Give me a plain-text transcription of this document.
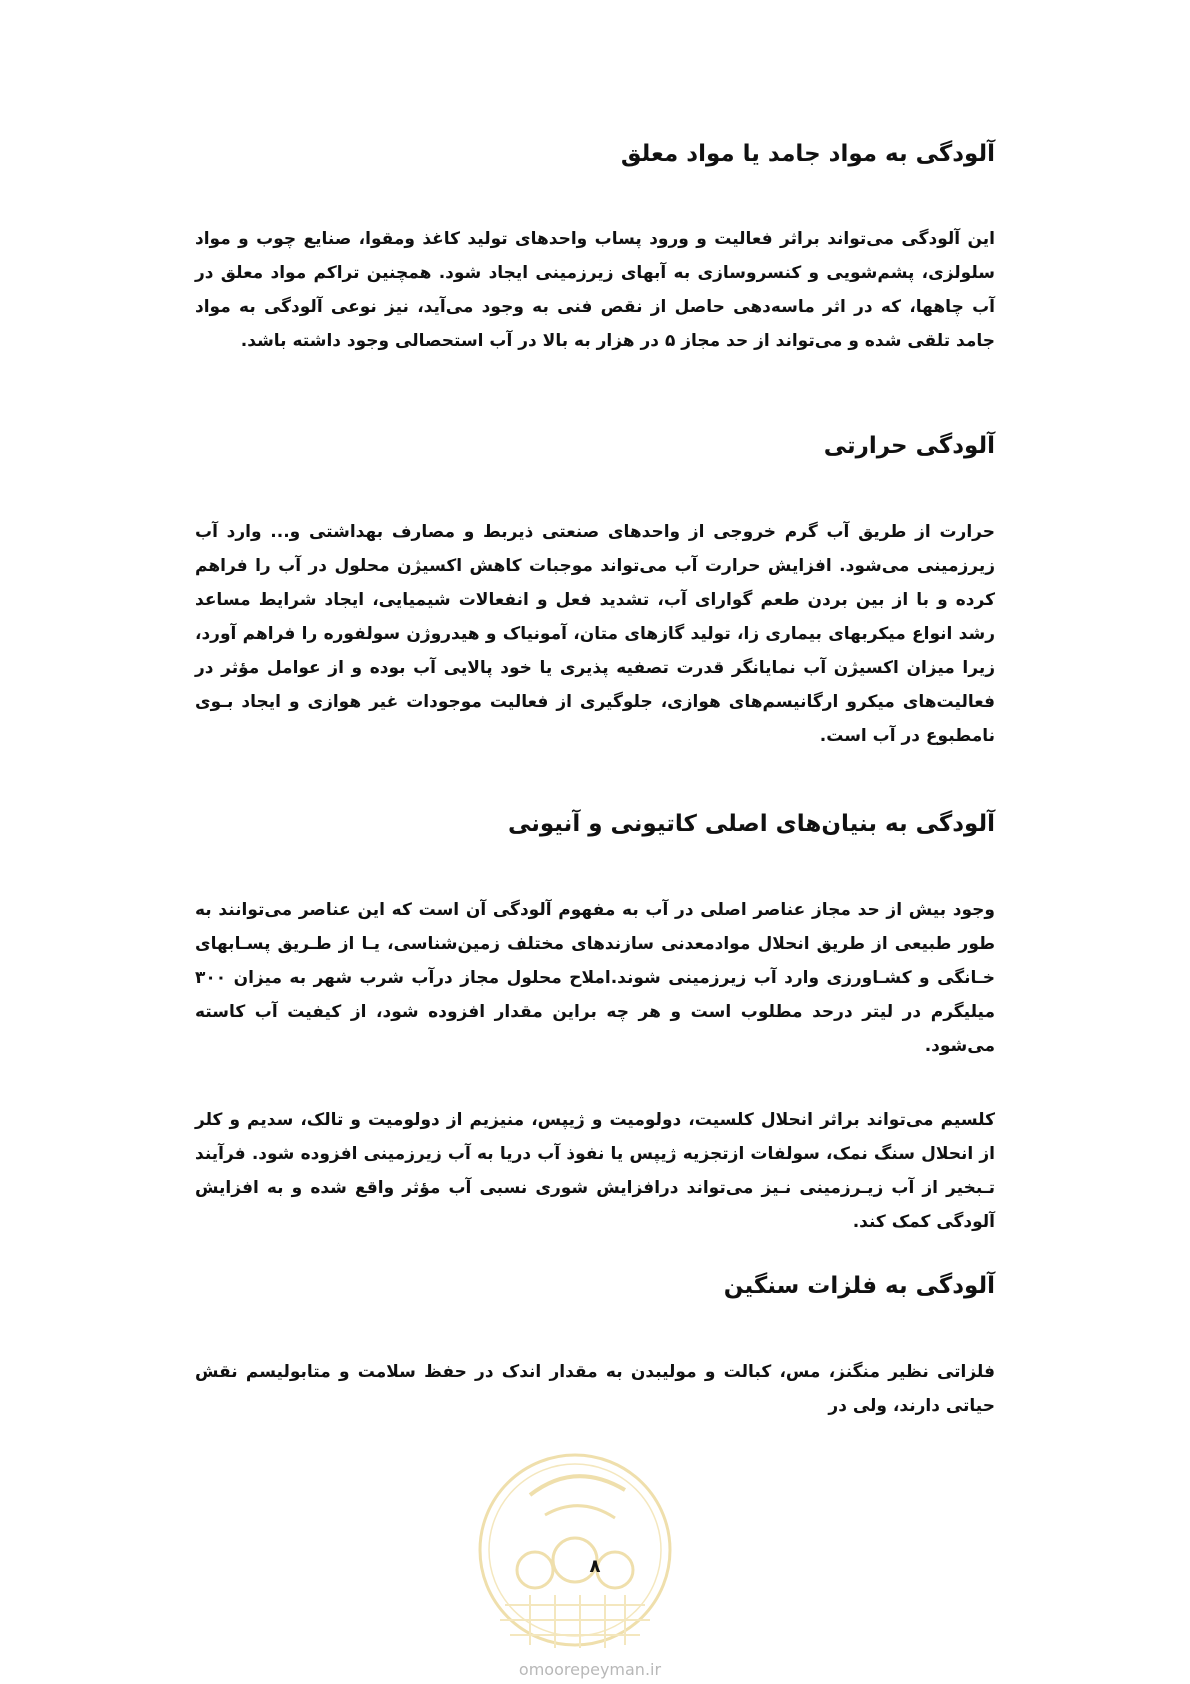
آلودگی به مواد جامد یا مواد معلق

این آلودگی می‌تواند براثر فعالیت و ورود پساب واحدهای تولید کاغذ ومقوا، صنایع چوب و مواد سلولزی، پشم‌شویی و کنسروسازی به آبهای زیرزمینی ایجاد شود. همچنین تراکم مواد معلق در آب چاهها، که در اثر ماسه‌دهی حاصل از نقص فنی به وجود می‌آید، نیز نوعی آلودگی به مواد جامد تلقی شده و می‌تواند از حد مجاز ۵ در هزار به بالا در آب استحصالی وجود داشته باشد.

آلودگی حرارتی

حرارت از طریق آب گرم خروجی از واحدهای صنعتی ذیربط و مصارف بهداشتی و... وارد آب زیرزمینی می‌شود. افزایش حرارت آب می‌تواند موجبات کاهش اکسیژن محلول در آب را فراهم کرده و با از بین بردن طعم گوارای آب، تشدید فعل و انفعالات شیمیایی، ایجاد شرایط مساعد رشد انواع میکربهای بیماری زا، تولید گازهای متان، آمونیاک و هیدروژن سولفوره را فراهم آورد، زیرا میزان اکسیژن آب نمایانگر قدرت تصفیه پذیری یا خود پالایی آب بوده و از عوامل مؤثر در فعالیت‌های میکرو ارگانیسم‌های هوازی، جلوگیری از فعالیت موجودات غیر هوازی و ایجاد بـوی نامطبوع در آب است.

آلودگی به بنیان‌های اصلی کاتیونی و آنیونی

وجود بیش از حد مجاز عناصر اصلی در آب به مفهوم آلودگی آن است که این عناصر می‌توانند به طور طبیعی از طریق انحلال موادمعدنی سازندهای مختلف زمین‌شناسی، یـا از طـریق پسـابهای خـانگی و کشـاورزی وارد آب زیرزمینی شوند.املاح محلول مجاز درآب شرب شهر به میزان ۳۰۰ میلیگرم در لیتر درحد مطلوب است و هر چه براین مقدار افزوده شود، از کیفیت آب کاسته می‌شود.

کلسیم می‌تواند براثر انحلال کلسیت، دولومیت و ژیپس، منیزیم از دولومیت و تالک، سدیم و کلر از انحلال سنگ نمک، سولفات ازتجزیه ژیپس یا نفوذ آب دریا به آب زیرزمینی افزوده شود. فرآیند تـبخیر از آب زیـرزمینی نـیز می‌تواند درافزایش شوری نسبی آب مؤثر واقع شده و به افزایش آلودگی کمک کند.

آلودگی به فلزات سنگین

فلزاتی نظیر منگنز، مس، کبالت و مولیبدن به مقدار اندک در حفظ سلامت و متابولیسم نقش حیاتی دارند، ولی در

۸
omoorepeyman.ir
